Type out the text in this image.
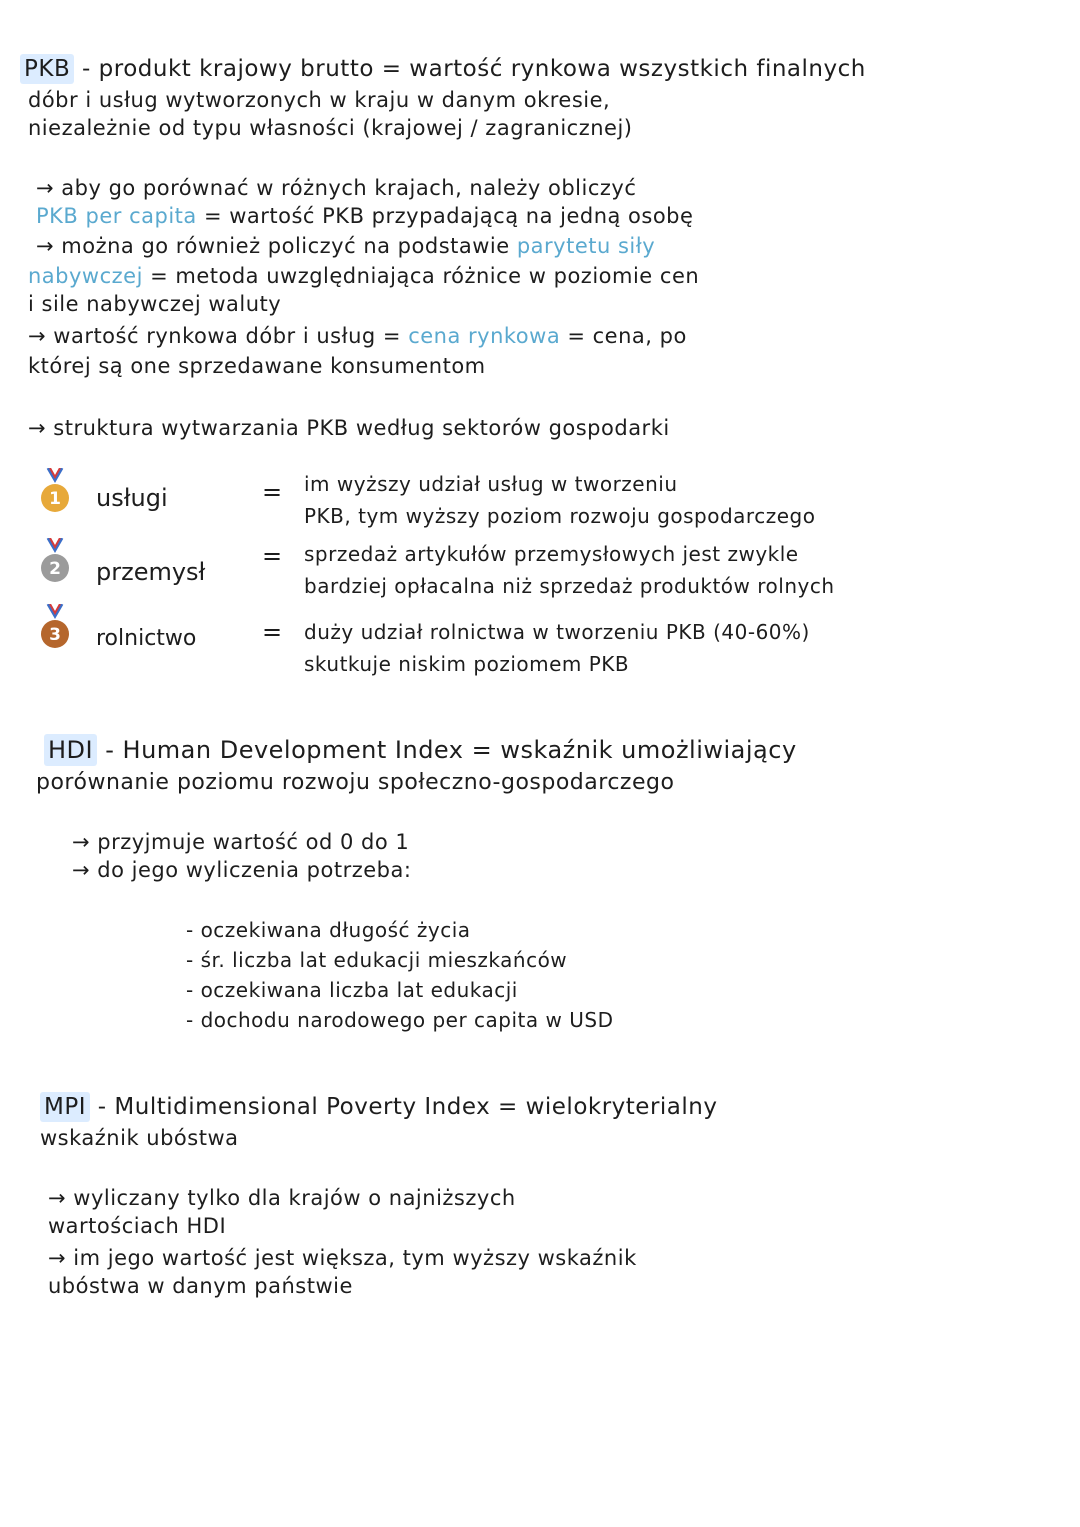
PKB - produkt krajowy brutto = wartość rynkowa wszystkich finalnych
dóbr i usług wytworzonych w kraju w danym okresie,
niezależnie od typu własności (krajowej / zagranicznej)
→ aby go porównać w różnych krajach, należy obliczyć
PKB per capita = wartość PKB przypadającą na jedną osobę
→ można go również policzyć na podstawie parytetu siły
nabywczej = metoda uwzględniająca różnice w poziomie cen
i sile nabywczej waluty
→ wartość rynkowa dóbr i usług = cena rynkowa = cena, po
której są one sprzedawane konsumentom
→ struktura wytwarzania PKB według sektorów gospodarki
1 usługi	= im wyższy udział usług w tworzeniu
PKB, tym wyższy poziom rozwoju gospodarczego
2 przemysł
= sprzedaż artykułów przemysłowych jest zwykle
bardziej opłacalna niż sprzedaż produktów rolnych
3 rolnictwo	= duży udział rolnictwa w tworzeniu PKB (40-60%)
skutkuje niskim poziomem PKB
HDI - Human Development Index = wskaźnik umożliwiający
porównanie poziomu rozwoju społeczno-gospodarczego
→ przyjmuje wartość od 0 do 1
→ do jego wyliczenia potrzeba:
- oczekiwana długość życia
- śr. liczba lat edukacji mieszkańców
- oczekiwana liczba lat edukacji
- dochodu narodowego per capita w USD
MPI - Multidimensional Poverty Index = wielokryterialny
wskaźnik ubóstwa
→ wyliczany tylko dla krajów o najniższych
wartościach HDI
→ im jego wartość jest większa, tym wyższy wskaźnik
ubóstwa w danym państwie
